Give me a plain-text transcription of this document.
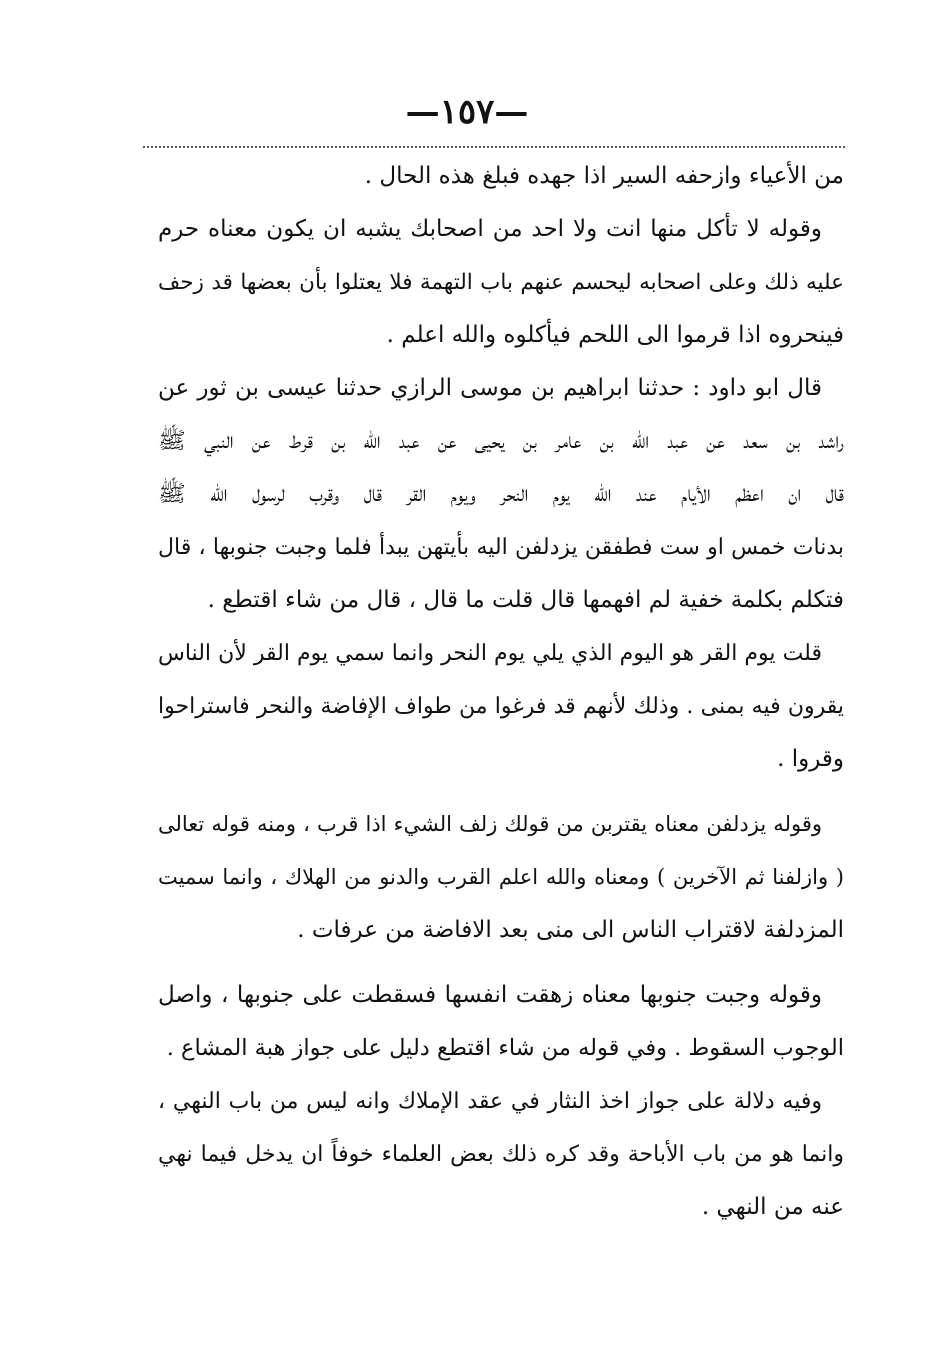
—١٥٧—
من الأعياء وازحفه السير اذا جهده فبلغ هذه الحال .
وقوله لا تأكل منها انت ولا احد من اصحابك يشبه ان يكون معناه حرم
عليه ذلك وعلى اصحابه ليحسم عنهم باب التهمة فلا يعتلوا بأن بعضها قد زحف
فينحروه اذا قرموا الى اللحم فيأكلوه والله اعلم .
قال ابو داود : حدثنا ابراهيم بن موسى الرازي حدثنا عيسى بن ثور عن
راشد بن سعد عن عبد الله بن عامر بن يحيى عن عبد الله بن قرط عن النبي ﷺ
قال ان اعظم الأيام عند الله يوم النحر ويوم القر قال وقرب لرسول الله ﷺ
بدنات خمس او ست فطفقن يزدلفن اليه بأيتهن يبدأ فلما وجبت جنوبها ، قال
فتكلم بكلمة خفية لم افهمها قال قلت ما قال ، قال من شاء اقتطع .
قلت يوم القر هو اليوم الذي يلي يوم النحر وانما سمي يوم القر لأن الناس
يقرون فيه بمنى . وذلك لأنهم قد فرغوا من طواف الإفاضة والنحر فاستراحوا
وقروا .
وقوله يزدلفن معناه يقتربن من قولك زلف الشيء اذا قرب ، ومنه قوله تعالى
( وازلفنا ثم الآخرين ) ومعناه والله اعلم القرب والدنو من الهلاك ، وانما سميت
المزدلفة لاقتراب الناس الى منى بعد الافاضة من عرفات .
وقوله وجبت جنوبها معناه زهقت انفسها فسقطت على جنوبها ، واصل
الوجوب السقوط . وفي قوله من شاء اقتطع دليل على جواز هبة المشاع .
وفيه دلالة على جواز اخذ النثار في عقد الإملاك وانه ليس من باب النهي ،
وانما هو من باب الأباحة وقد كره ذلك بعض العلماء خوفاً ان يدخل فيما نهي
عنه من النهي .
